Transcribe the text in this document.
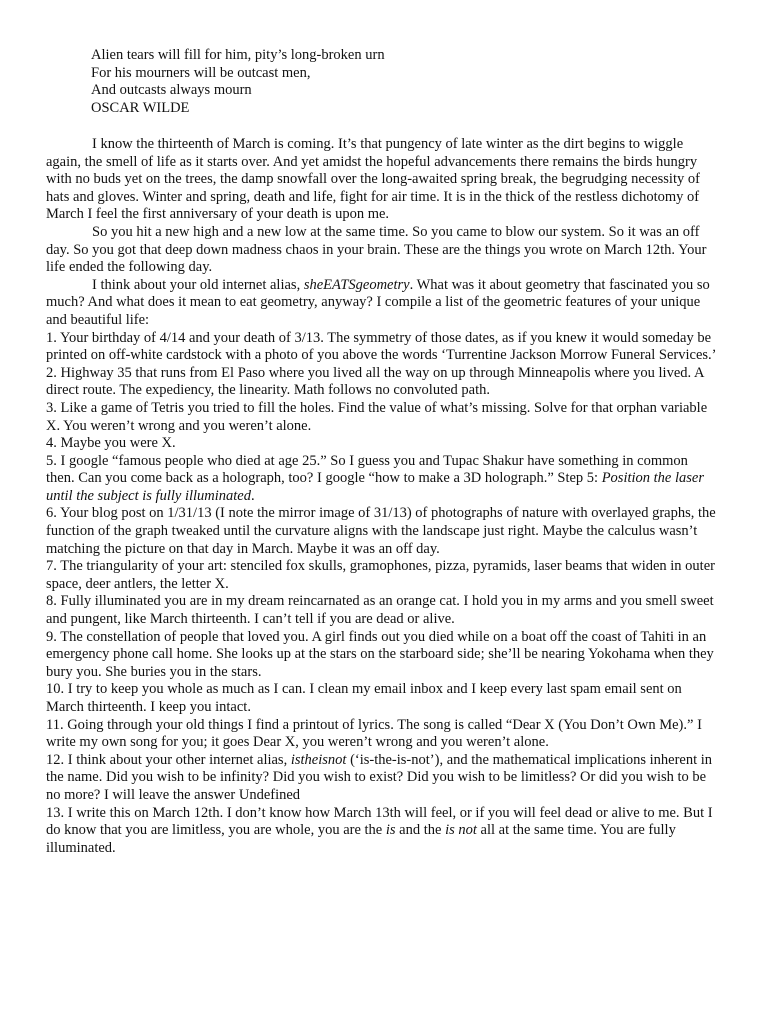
Alien tears will fill for him, pity’s long-broken urn
For his mourners will be outcast men,
And outcasts always mourn
OSCAR WILDE

I know the thirteenth of March is coming. It’s that pungency of late winter as the dirt begins to wiggle again, the smell of life as it starts over. And yet amidst the hopeful advancements there remains the birds hungry with no buds yet on the trees, the damp snowfall over the long-awaited spring break, the begrudging necessity of hats and gloves. Winter and spring, death and life, fight for air time. It is in the thick of the restless dichotomy of March I feel the first anniversary of your death is upon me.

So you hit a new high and a new low at the same time. So you came to blow our system. So it was an off day. So you got that deep down madness chaos in your brain. These are the things you wrote on March 12th. Your life ended the following day.

I think about your old internet alias, sheEATSgeometry. What was it about geometry that fascinated you so much? And what does it mean to eat geometry, anyway? I compile a list of the geometric features of your unique and beautiful life:

1. Your birthday of 4/14 and your death of 3/13. The symmetry of those dates, as if you knew it would someday be printed on off-white cardstock with a photo of you above the words ‘Turrentine Jackson Morrow Funeral Services.’

2. Highway 35 that runs from El Paso where you lived all the way on up through Minneapolis where you lived. A direct route. The expediency, the linearity. Math follows no convoluted path.

3. Like a game of Tetris you tried to fill the holes. Find the value of what’s missing. Solve for that orphan variable X. You weren’t wrong and you weren’t alone.

4. Maybe you were X.

5. I google “famous people who died at age 25.” So I guess you and Tupac Shakur have something in common then. Can you come back as a holograph, too? I google “how to make a 3D holograph.” Step 5: Position the laser until the subject is fully illuminated.

6. Your blog post on 1/31/13 (I note the mirror image of 31/13) of photographs of nature with overlayed graphs, the function of the graph tweaked until the curvature aligns with the landscape just right. Maybe the calculus wasn’t matching the picture on that day in March. Maybe it was an off day.

7. The triangularity of your art: stenciled fox skulls, gramophones, pizza, pyramids, laser beams that widen in outer space, deer antlers, the letter X.

8. Fully illuminated you are in my dream reincarnated as an orange cat. I hold you in my arms and you smell sweet and pungent, like March thirteenth. I can’t tell if you are dead or alive.

9. The constellation of people that loved you. A girl finds out you died while on a boat off the coast of Tahiti in an emergency phone call home. She looks up at the stars on the starboard side; she’ll be nearing Yokohama when they bury you. She buries you in the stars.

10. I try to keep you whole as much as I can. I clean my email inbox and I keep every last spam email sent on March thirteenth. I keep you intact.

11. Going through your old things I find a printout of lyrics. The song is called “Dear X (You Don’t Own Me).” I write my own song for you; it goes Dear X, you weren’t wrong and you weren’t alone.

12. I think about your other internet alias, istheisnot (‘is-the-is-not’), and the mathematical implications inherent in the name. Did you wish to be infinity? Did you wish to exist? Did you wish to be limitless? Or did you wish to be no more? I will leave the answer Undefined

13. I write this on March 12th. I don’t know how March 13th will feel, or if you will feel dead or alive to me. But I do know that you are limitless, you are whole, you are the is and the is not all at the same time. You are fully illuminated.
